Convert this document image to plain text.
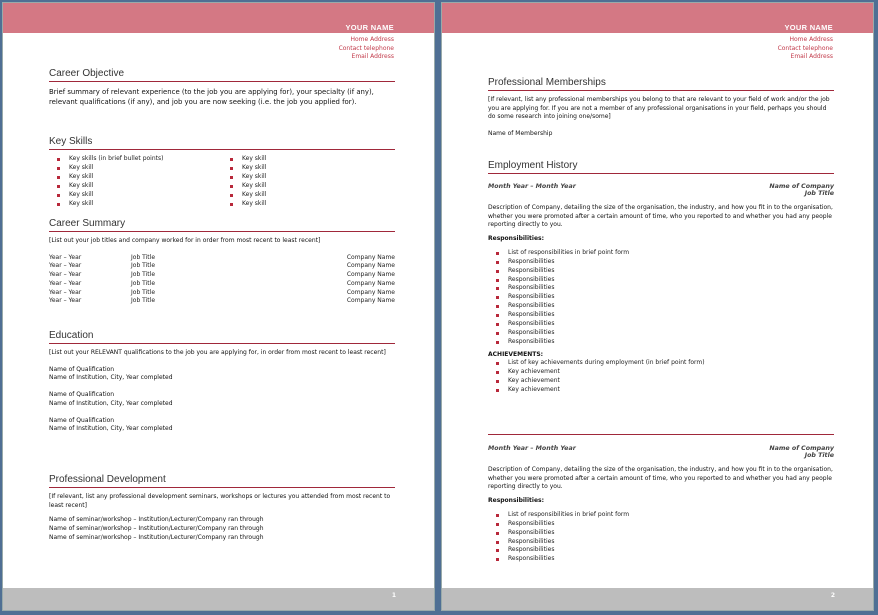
YOUR NAME
Home Address
Contact telephone
Email Address
Career Objective
Brief summary of relevant experience (to the job you are applying for), your specialty (if any), relevant qualifications (if any), and job you are now seeking (i.e. the job you applied for).
Key Skills
Key skills (in brief bullet points)
Key skill
Key skill
Key skill
Key skill
Key skill
Key skill
Key skill
Key skill
Key skill
Key skill
Key skill
Career Summary
[List out your job titles and company worked for in order from most recent to least recent]
Year – Year	Job Title	Company Name
Year – Year	Job Title	Company Name
Year – Year	Job Title	Company Name
Year – Year	Job Title	Company Name
Year – Year	Job Title	Company Name
Year – Year	Job Title	Company Name
Education
[List out your RELEVANT qualifications to the job you are applying for, in order from most recent to least recent]
Name of Qualification
Name of Institution, City, Year completed
Name of Qualification
Name of Institution, City, Year completed
Name of Qualification
Name of Institution, City, Year completed
Professional Development
[If relevant, list any professional development seminars, workshops or lectures you attended from most recent to least recent]
Name of seminar/workshop – Institution/Lecturer/Company ran through
Name of seminar/workshop – Institution/Lecturer/Company ran through
Name of seminar/workshop – Institution/Lecturer/Company ran through
1
YOUR NAME
Home Address
Contact telephone
Email Address
Professional Memberships
[If relevant, list any professional memberships you belong to that are relevant to your field of work and/or the job you are applying for. If you are not a member of any professional organisations in your field, perhaps you should do some research into joining one/some]
Name of Membership
Employment History
Month Year – Month Year	Name of Company
Job Title
Description of Company, detailing the size of the organisation, the industry, and how you fit in to the organisation, whether you were promoted after a certain amount of time, who you reported to and whether you had any people reporting directly to you.
Responsibilities:
List of responsibilities in brief point form
Responsibilities
Responsibilities
Responsibilities
Responsibilities
Responsibilities
Responsibilities
Responsibilities
Responsibilities
Responsibilities
Responsibilities
ACHIEVEMENTS:
List of key achievements during employment (in brief point form)
Key achievement
Key achievement
Key achievement
Month Year – Month Year	Name of Company
Job Title
Description of Company, detailing the size of the organisation, the industry, and how you fit in to the organisation, whether you were promoted after a certain amount of time, who you reported to and whether you had any people reporting directly to you.
Responsibilities:
List of responsibilities in brief point form
Responsibilities
Responsibilities
Responsibilities
Responsibilities
Responsibilities
2
